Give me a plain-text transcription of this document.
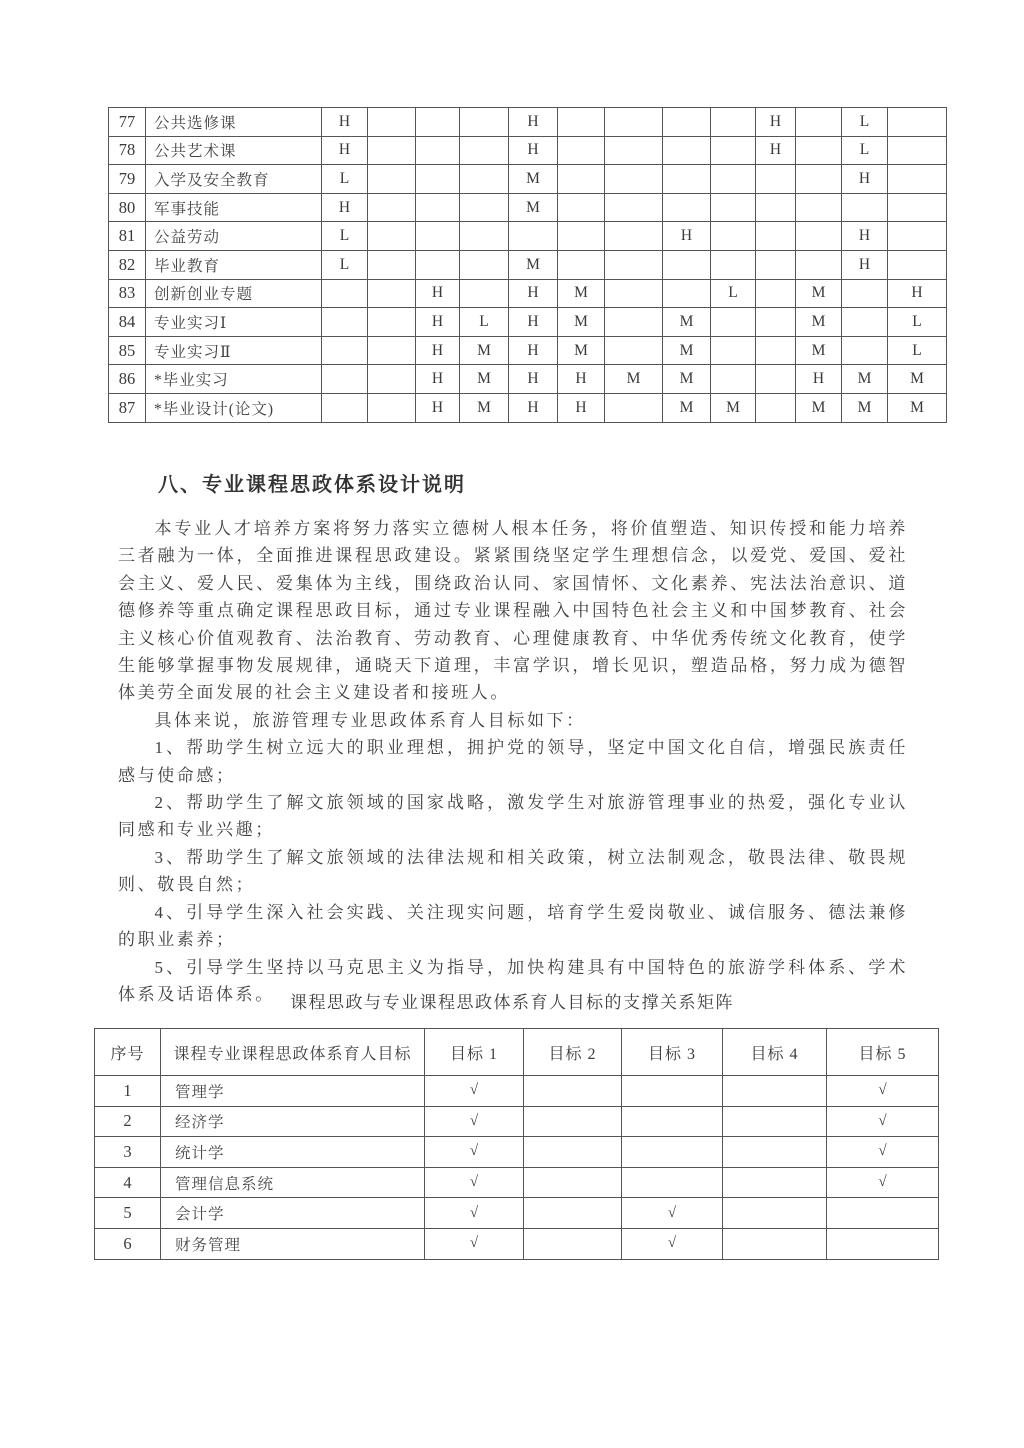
77	公共选修课	H				H					H		L	
78	公共艺术课	H				H					H		L	
79	入学及安全教育	L				M							H	
80	军事技能	H				M								
81	公益劳动	L							H				H	
82	毕业教育	L				M							H	
83	创新创业专题			H		H	M			L		M		H
84	专业实习Ⅰ			H	L	H	M		M			M		L
85	专业实习Ⅱ			H	M	H	M		M			M		L
86	*毕业实习			H	M	H	H	M	M			H	M	M
87	*毕业设计(论文)			H	M	H	H		M	M		M	M	M
八、专业课程思政体系设计说明

本专业人才培养方案将努力落实立德树人根本任务，将价值塑造、知识传授和能力培养三者融为一体，全面推进课程思政建设。紧紧围绕坚定学生理想信念，以爱党、爱国、爱社会主义、爱人民、爱集体为主线，围绕政治认同、家国情怀、文化素养、宪法法治意识、道德修养等重点确定课程思政目标，通过专业课程融入中国特色社会主义和中国梦教育、社会主义核心价值观教育、法治教育、劳动教育、心理健康教育、中华优秀传统文化教育，使学生能够掌握事物发展规律，通晓天下道理，丰富学识，增长见识，塑造品格，努力成为德智体美劳全面发展的社会主义建设者和接班人。

具体来说，旅游管理专业思政体系育人目标如下：

1、帮助学生树立远大的职业理想，拥护党的领导，坚定中国文化自信，增强民族责任感与使命感；

2、帮助学生了解文旅领域的国家战略，激发学生对旅游管理事业的热爱，强化专业认同感和专业兴趣；

3、帮助学生了解文旅领域的法律法规和相关政策，树立法制观念，敬畏法律、敬畏规则、敬畏自然；

4、引导学生深入社会实践、关注现实问题，培育学生爱岗敬业、诚信服务、德法兼修的职业素养；

5、引导学生坚持以马克思主义为指导，加快构建具有中国特色的旅游学科体系、学术体系及话语体系。 课程思政与专业课程思政体系育人目标的支撑关系矩阵
序号	课程专业课程思政体系育人目标	目标 1	目标 2	目标 3	目标 4	目标 5
1	管理学	√				√
2	经济学	√				√
3	统计学	√				√
4	管理信息系统	√				√
5	会计学	√		√		
6	财务管理	√		√		
